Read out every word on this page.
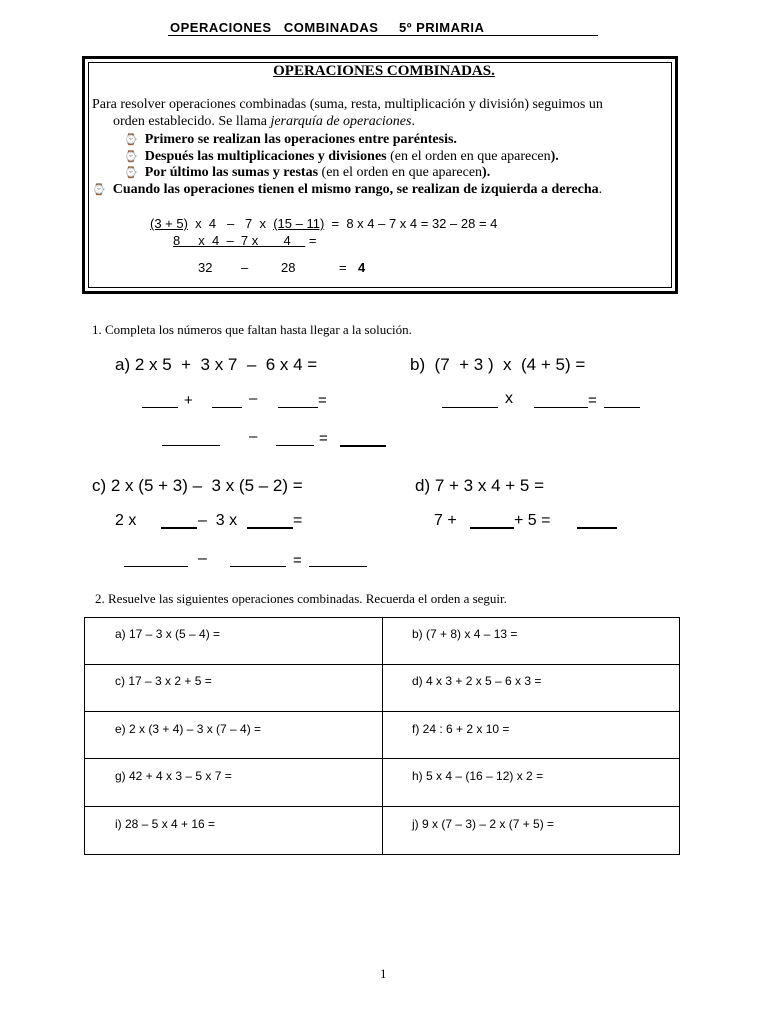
OPERACIONES   COMBINADAS     5º PRIMARIA
OPERACIONES COMBINADAS.
Para resolver operaciones combinadas (suma, resta, multiplicación y división) seguimos un
orden establecido. Se llama jerarquía de operaciones.
⌚ Primero se realizan las operaciones entre paréntesis.
⌚ Después las multiplicaciones y divisiones (en el orden en que aparecen).
⌚ Por último las sumas y restas (en el orden en que aparecen).
⌚ Cuando las operaciones tienen el mismo rango, se realizan de izquierda a derecha.
(3 + 5)  x  4   –   7  x  (15 – 11)  =  8 x 4 – 7 x 4 = 32 – 28 = 4
8     x  4  –  7 x       4     =
32 –	28	= 4
1. Completa los números que faltan hasta llegar a la solución.
a) 2 x 5  +  3 x 7  –  6 x 4 =
+	–	=
–	=
b)  (7  + 3 )  x  (4 + 5) =
x	=
c) 2 x (5 + 3) –  3 x (5 – 2) =
2 x	–  3 x	=
–	=
d) 7 + 3 x 4 + 5 =
7 +	+ 5 =
2. Resuelve las siguientes operaciones combinadas. Recuerda el orden a seguir.
a) 17 – 3 x (5 – 4) =	b) (7 + 8) x 4 – 13 =
c) 17 – 3 x 2 + 5 =	d) 4 x 3 + 2 x 5 – 6 x 3 =
e) 2 x (3 + 4) – 3 x (7 – 4) =	f) 24 : 6 + 2 x 10 =
g) 42 + 4 x 3 – 5 x 7 =	h) 5 x 4 – (16 – 12) x 2 =
i) 28 – 5 x 4 + 16 =	j) 9 x (7 – 3) – 2 x (7 + 5) =
1
